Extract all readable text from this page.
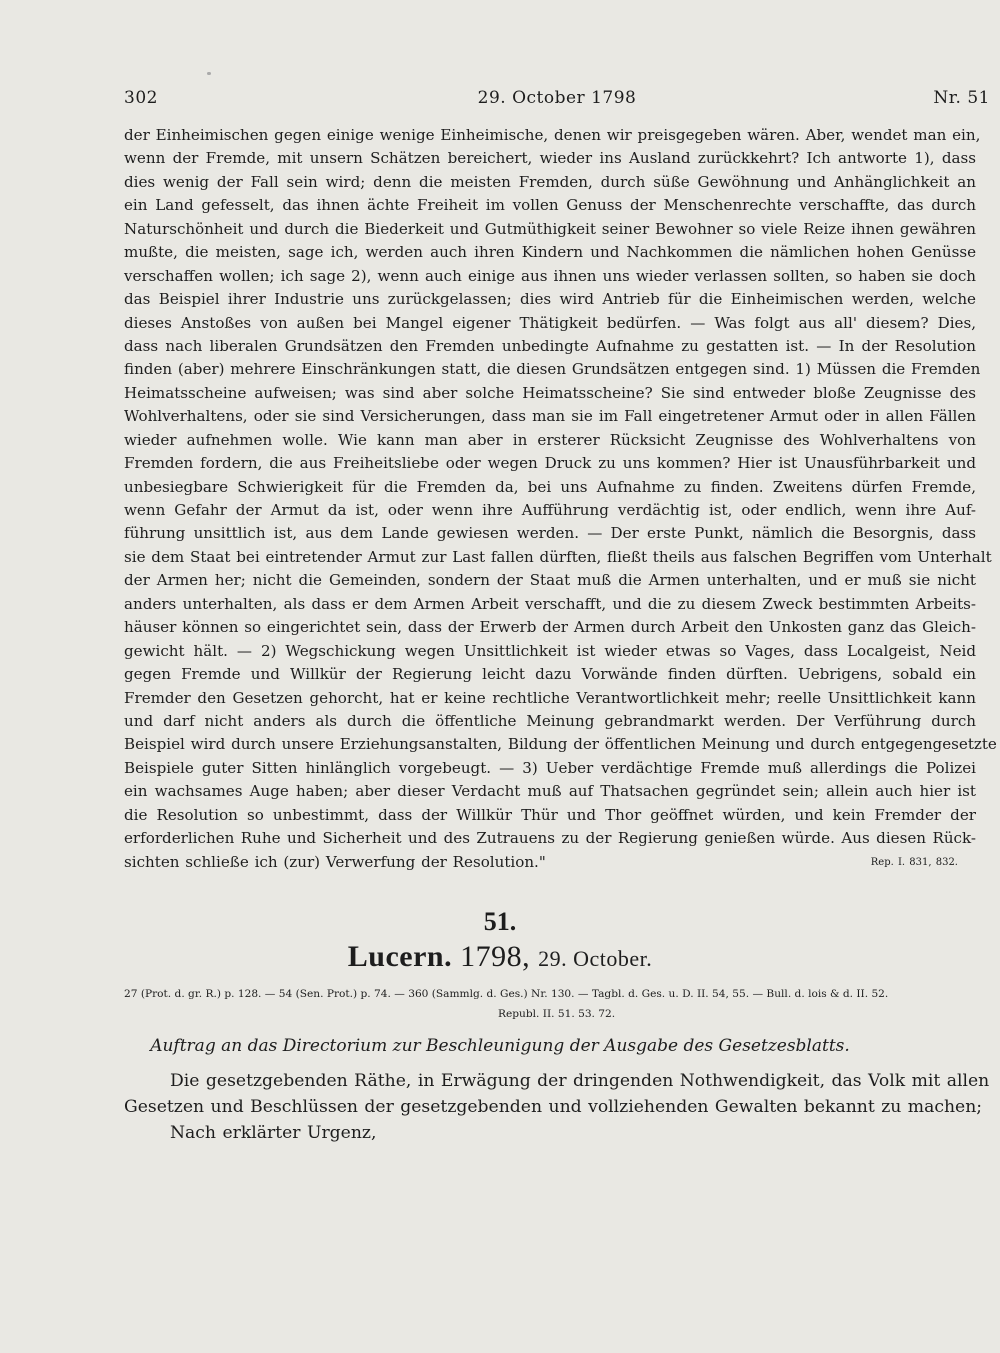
302	29. October 1798	Nr. 51
der Einheimischen gegen einige wenige Einheimische, denen wir preisgegeben wären. Aber, wendet man ein,
wenn der Fremde, mit unsern Schätzen bereichert, wieder ins Ausland zurückkehrt? Ich antworte 1), dass
dies wenig der Fall sein wird; denn die meisten Fremden, durch süße Gewöhnung und Anhänglichkeit an
ein Land gefesselt, das ihnen ächte Freiheit im vollen Genuss der Menschenrechte verschaffte, das durch
Naturschönheit und durch die Biederkeit und Gutmüthigkeit seiner Bewohner so viele Reize ihnen gewähren
mußte, die meisten, sage ich, werden auch ihren Kindern und Nachkommen die nämlichen hohen Genüsse
verschaffen wollen; ich sage 2), wenn auch einige aus ihnen uns wieder verlassen sollten, so haben sie doch
das Beispiel ihrer Industrie uns zurückgelassen; dies wird Antrieb für die Einheimischen werden, welche
dieses Anstoßes von außen bei Mangel eigener Thätigkeit bedürfen. — Was folgt aus all' diesem? Dies,
dass nach liberalen Grundsätzen den Fremden unbedingte Aufnahme zu gestatten ist. — In der Resolution
finden (aber) mehrere Einschränkungen statt, die diesen Grundsätzen entgegen sind. 1) Müssen die Fremden
Heimatsscheine aufweisen; was sind aber solche Heimatsscheine? Sie sind entweder bloße Zeugnisse des
Wohlverhaltens, oder sie sind Versicherungen, dass man sie im Fall eingetretener Armut oder in allen Fällen
wieder aufnehmen wolle. Wie kann man aber in ersterer Rücksicht Zeugnisse des Wohlverhaltens von
Fremden fordern, die aus Freiheitsliebe oder wegen Druck zu uns kommen? Hier ist Unausführbarkeit und
unbesiegbare Schwierigkeit für die Fremden da, bei uns Aufnahme zu finden. Zweitens dürfen Fremde,
wenn Gefahr der Armut da ist, oder wenn ihre Aufführung verdächtig ist, oder endlich, wenn ihre Auf-
führung unsittlich ist, aus dem Lande gewiesen werden. — Der erste Punkt, nämlich die Besorgnis, dass
sie dem Staat bei eintretender Armut zur Last fallen dürften, fließt theils aus falschen Begriffen vom Unterhalt
der Armen her; nicht die Gemeinden, sondern der Staat muß die Armen unterhalten, und er muß sie nicht
anders unterhalten, als dass er dem Armen Arbeit verschafft, und die zu diesem Zweck bestimmten Arbeits-
häuser können so eingerichtet sein, dass der Erwerb der Armen durch Arbeit den Unkosten ganz das Gleich-
gewicht hält. — 2) Wegschickung wegen Unsittlichkeit ist wieder etwas so Vages, dass Localgeist, Neid
gegen Fremde und Willkür der Regierung leicht dazu Vorwände finden dürften. Uebrigens, sobald ein
Fremder den Gesetzen gehorcht, hat er keine rechtliche Verantwortlichkeit mehr; reelle Unsittlichkeit kann
und darf nicht anders als durch die öffentliche Meinung gebrandmarkt werden. Der Verführung durch
Beispiel wird durch unsere Erziehungsanstalten, Bildung der öffentlichen Meinung und durch entgegengesetzte
Beispiele guter Sitten hinlänglich vorgebeugt. — 3) Ueber verdächtige Fremde muß allerdings die Polizei
ein wachsames Auge haben; aber dieser Verdacht muß auf Thatsachen gegründet sein; allein auch hier ist
die Resolution so unbestimmt, dass der Willkür Thür und Thor geöffnet würden, und kein Fremder der
erforderlichen Ruhe und Sicherheit und des Zutrauens zu der Regierung genießen würde. Aus diesen Rück-
sichten schließe ich (zur) Verwerfung der Resolution."	Rep. I. 831, 832.
51.
Lucern. 1798, 29. October.
27 (Prot. d. gr. R.) p. 128. — 54 (Sen. Prot.) p. 74. — 360 (Sammlg. d. Ges.) Nr. 130. — Tagbl. d. Ges. u. D. II. 54, 55. — Bull. d. lois & d. II. 52.
Republ. II. 51. 53. 72.
Auftrag an das Directorium zur Beschleunigung der Ausgabe des Gesetzesblatts.
Die gesetzgebenden Räthe, in Erwägung der dringenden Nothwendigkeit, das Volk mit allen
Gesetzen und Beschlüssen der gesetzgebenden und vollziehenden Gewalten bekannt zu machen;
Nach erklärter Urgenz,
